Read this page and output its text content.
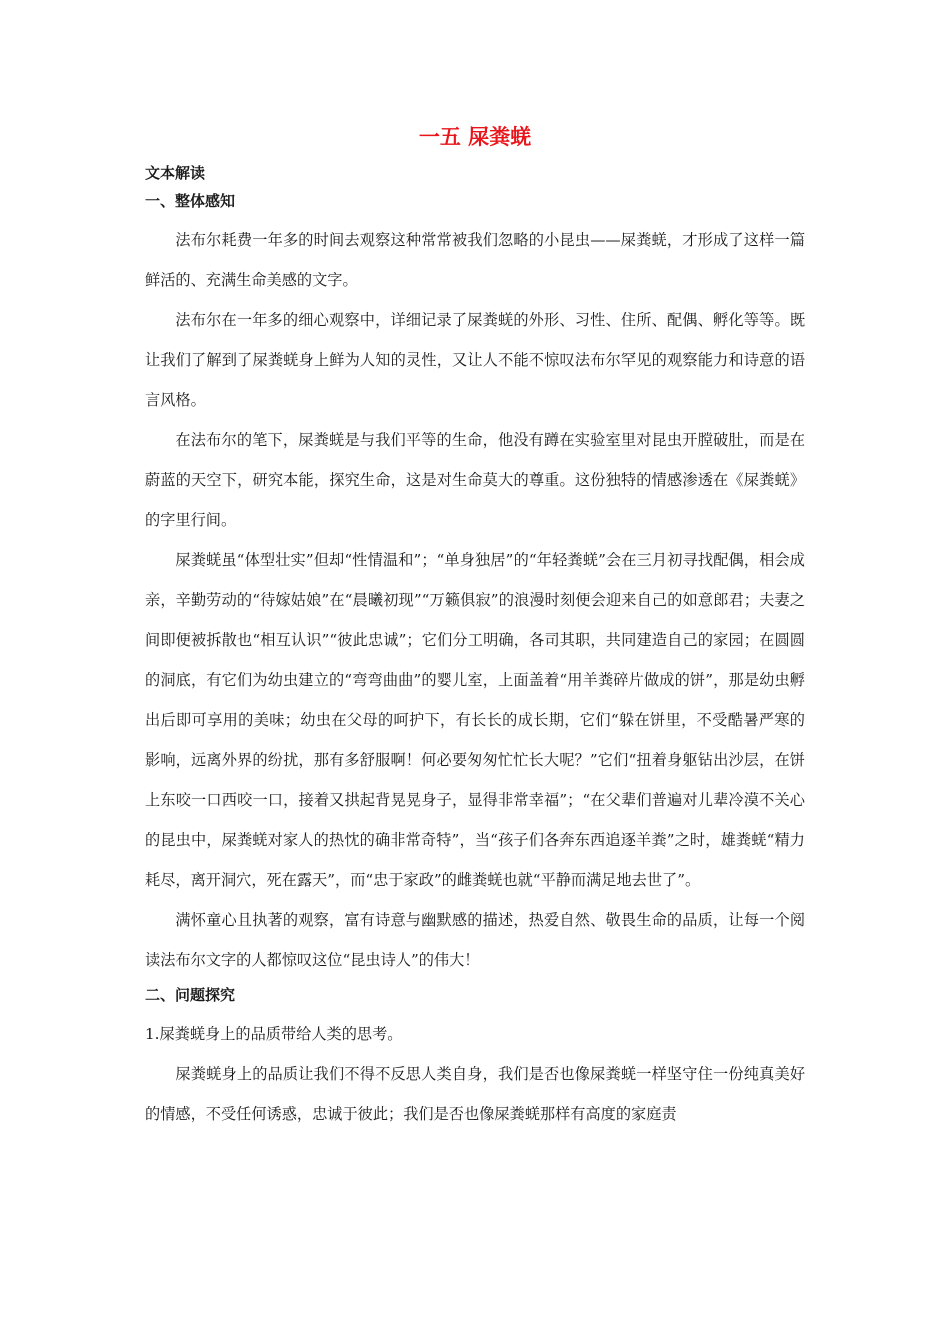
一五 屎粪蜣
文本解读
一、整体感知

法布尔耗费一年多的时间去观察这种常常被我们忽略的小昆虫——屎粪蜣，才形成了这样一篇鲜活的、充满生命美感的文字。

法布尔在一年多的细心观察中，详细记录了屎粪蜣的外形、习性、住所、配偶、孵化等等。既让我们了解到了屎粪蜣身上鲜为人知的灵性，又让人不能不惊叹法布尔罕见的观察能力和诗意的语言风格。

在法布尔的笔下，屎粪蜣是与我们平等的生命，他没有蹲在实验室里对昆虫开膛破肚，而是在蔚蓝的天空下，研究本能，探究生命，这是对生命莫大的尊重。这份独特的情感渗透在《屎粪蜣》的字里行间。

屎粪蜣虽“体型壮实”但却“性情温和”；“单身独居”的“年轻粪蜣”会在三月初寻找配偶，相会成亲，辛勤劳动的“待嫁姑娘”在“晨曦初现”“万籁俱寂”的浪漫时刻便会迎来自己的如意郎君；夫妻之间即便被拆散也“相互认识”“彼此忠诚”；它们分工明确，各司其职，共同建造自己的家园；在圆圆的洞底，有它们为幼虫建立的“弯弯曲曲”的婴儿室，上面盖着“用羊粪碎片做成的饼”，那是幼虫孵出后即可享用的美味；幼虫在父母的呵护下，有长长的成长期，它们“躲在饼里，不受酷暑严寒的影响，远离外界的纷扰，那有多舒服啊！何必要匆匆忙忙长大呢？”它们“扭着身躯钻出沙层，在饼上东咬一口西咬一口，接着又拱起背晃晃身子，显得非常幸福”；“在父辈们普遍对儿辈冷漠不关心的昆虫中，屎粪蜣对家人的热忱的确非常奇特”，当“孩子们各奔东西追逐羊粪”之时，雄粪蜣“精力耗尽，离开洞穴，死在露天”，而“忠于家政”的雌粪蜣也就“平静而满足地去世了”。

满怀童心且执著的观察，富有诗意与幽默感的描述，热爱自然、敬畏生命的品质，让每一个阅读法布尔文字的人都惊叹这位“昆虫诗人”的伟大！

二、问题探究

1.屎粪蜣身上的品质带给人类的思考。

屎粪蜣身上的品质让我们不得不反思人类自身，我们是否也像屎粪蜣一样坚守住一份纯真美好的情感，不受任何诱惑，忠诚于彼此；我们是否也像屎粪蜣那样有高度的家庭责
